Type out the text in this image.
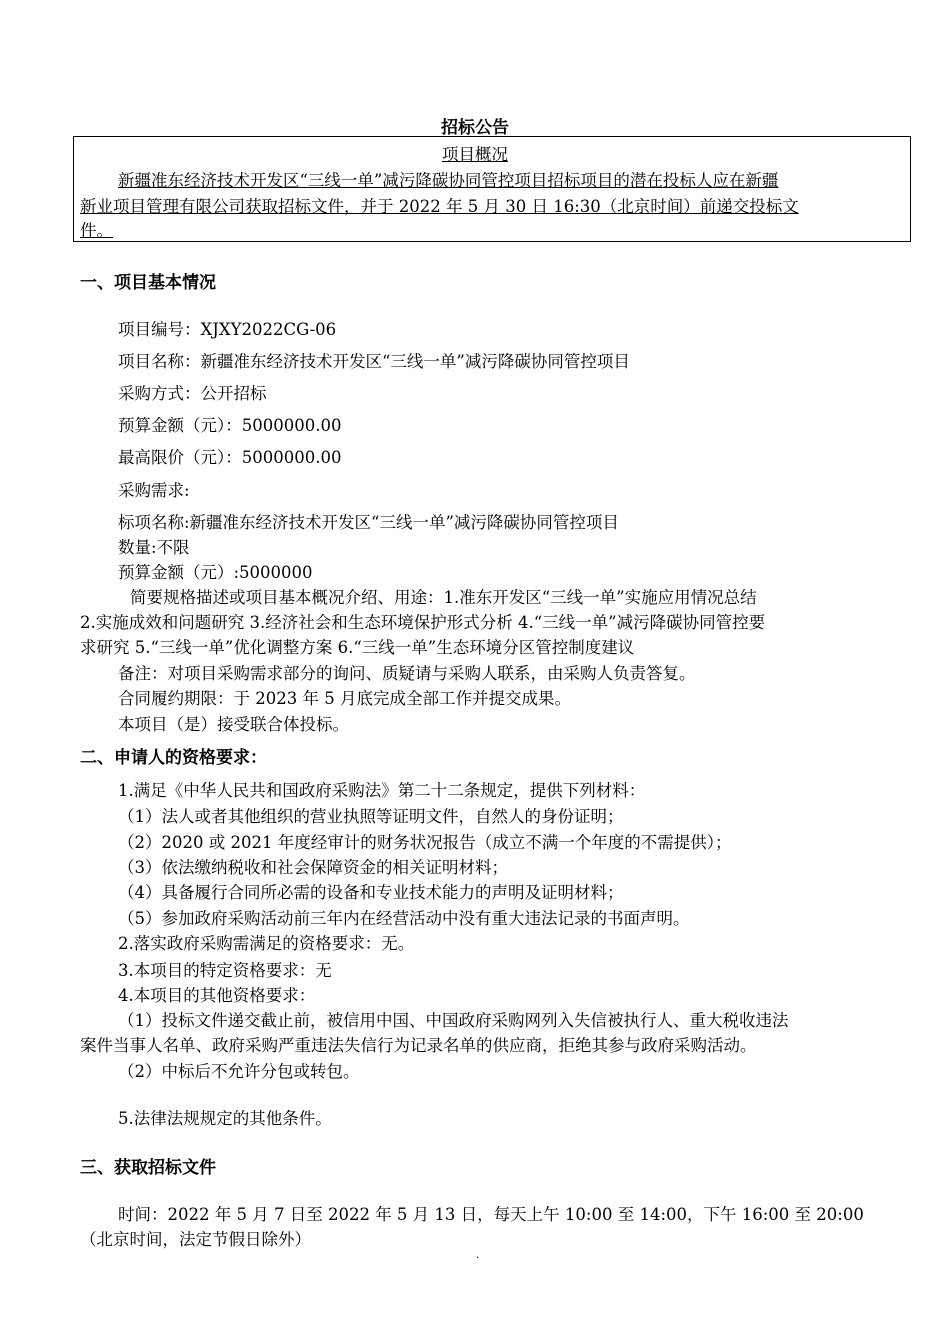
招标公告
项目概况
新疆准东经济技术开发区“三线一单”减污降碳协同管控项目招标项目的潜在投标人应在新疆
新业项目管理有限公司获取招标文件，并于 2022 年 5 月 30 日 16:30（北京时间）前递交投标文
件。
一、项目基本情况
项目编号：XJXY2022CG-06
项目名称：新疆准东经济技术开发区“三线一单”减污降碳协同管控项目
采购方式：公开招标
预算金额（元）：5000000.00
最高限价（元）：5000000.00
采购需求:
标项名称:新疆准东经济技术开发区“三线一单”减污降碳协同管控项目
数量:不限
预算金额（元）:5000000
简要规格描述或项目基本概况介绍、用途：1.准东开发区“三线一单”实施应用情况总结
2.实施成效和问题研究 3.经济社会和生态环境保护形式分析 4.“三线一单”减污降碳协同管控要
求研究 5.“三线一单”优化调整方案 6.“三线一单”生态环境分区管控制度建议
备注：对项目采购需求部分的询问、质疑请与采购人联系，由采购人负责答复。
合同履约期限：于 2023 年 5 月底完成全部工作并提交成果。
本项目（是）接受联合体投标。
二、申请人的资格要求：
1.满足《中华人民共和国政府采购法》第二十二条规定，提供下列材料：
（1）法人或者其他组织的营业执照等证明文件，自然人的身份证明；
（2）2020 或 2021 年度经审计的财务状况报告（成立不满一个年度的不需提供）；
（3）依法缴纳税收和社会保障资金的相关证明材料；
（4）具备履行合同所必需的设备和专业技术能力的声明及证明材料；
（5）参加政府采购活动前三年内在经营活动中没有重大违法记录的书面声明。
2.落实政府采购需满足的资格要求：无。
3.本项目的特定资格要求：无
4.本项目的其他资格要求：
（1）投标文件递交截止前，被信用中国、中国政府采购网列入失信被执行人、重大税收违法
案件当事人名单、政府采购严重违法失信行为记录名单的供应商，拒绝其参与政府采购活动。
（2）中标后不允许分包或转包。
5.法律法规规定的其他条件。
三、获取招标文件
时间：2022 年 5 月 7 日至 2022 年 5 月 13 日，每天上午 10:00 至 14:00，下午 16:00 至 20:00
（北京时间，法定节假日除外）
.
